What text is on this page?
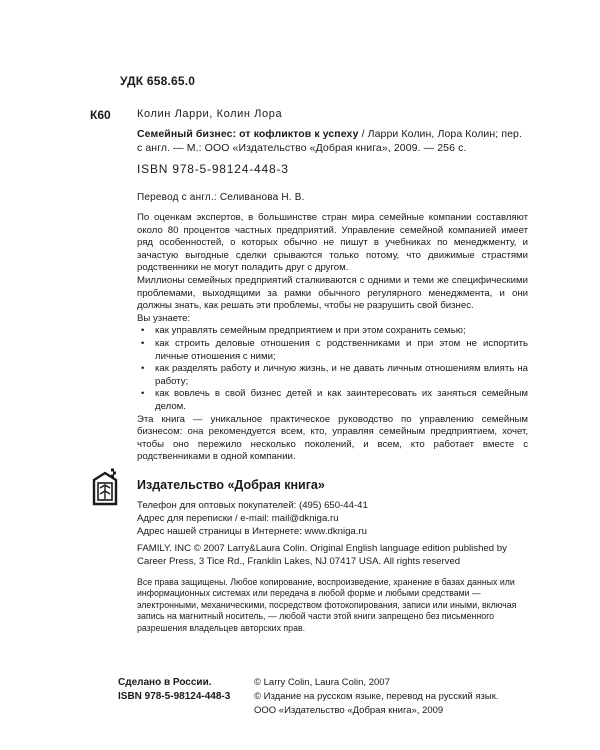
УДК 658.65.0
К60 Колин Ларри, Колин Лора
Семейный бизнес: от кофликтов к успеху / Ларри Колин, Лора Колин; пер. с англ. — М.: ООО «Издательство «Добрая книга», 2009. — 256 с.
ISBN 978-5-98124-448-3
Перевод с англ.: Селиванова Н. В.

По оценкам экспертов, в большинстве стран мира семейные компании составляют около 80 процентов частных предприятий. Управление семейной компанией имеет ряд особенностей, о которых обычно не пишут в учебниках по менеджменту, и зачастую выгодные сделки срываются только потому, что движимые страстями родственники не могут поладить друг с другом.

Миллионы семейных предприятий сталкиваются с одними и теми же специфическими проблемами, выходящими за рамки обычного регулярного менеджмента, и они должны знать, как решать эти проблемы, чтобы не разрушить свой бизнес.

Вы узнаете:

• как управлять семейным предприятием и при этом сохранить семью;
• как строить деловые отношения с родственниками и при этом не испортить личные отношения с ними;
• как разделять работу и личную жизнь, и не давать личным отношениям влиять на работу;
• как вовлечь в свой бизнес детей и как заинтересовать их заняться семейным делом.

Эта книга — уникальное практическое руководство по управлению семейным бизнесом: она рекомендуется всем, кто, управляя семейным предприятием, хочет, чтобы оно пережило несколько поколений, и всем, кто работает вместе с родственниками в одной компании.

Издательство «Добрая книга»
Телефон для оптовых покупателей: (495) 650-44-41
Адрес для переписки / e-mail: mail@dkniga.ru
Адрес нашей страницы в Интернете: www.dkniga.ru
FAMILY. INC © 2007 Larry&Laura Colin. Original English language edition published by Career Press, 3 Tice Rd., Franklin Lakes, NJ 07417 USA. All rights reserved
Все права защищены. Любое копирование, воспроизведение, хранение в базах данных или информационных системах или передача в любой форме и любыми средствами — электронными, механическими, посредством фотокопирования, записи или иными, включая запись на магнитный носитель, — любой части этой книги запрещено без письменного разрешения владельцев авторских прав.
Сделано в России.
ISBN 978-5-98124-448-3
© Larry Colin, Laura Colin, 2007
© Издание на русском языке, перевод на русский язык.
ООО «Издательство «Добрая книга», 2009
